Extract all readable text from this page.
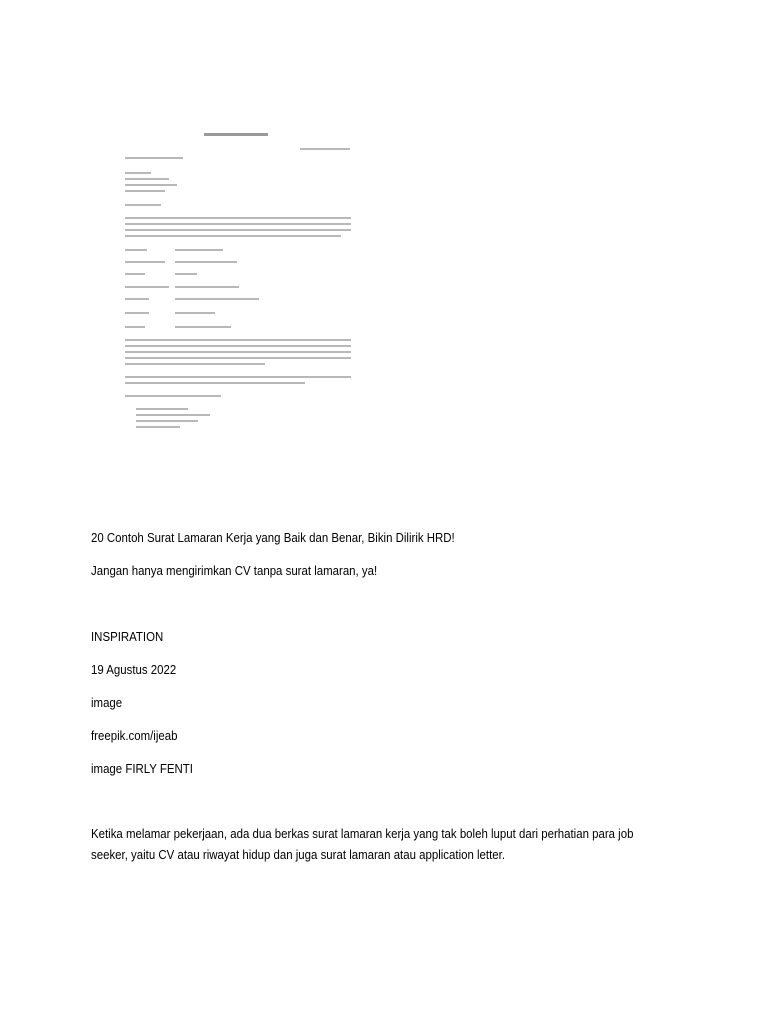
20 Contoh Surat Lamaran Kerja yang Baik dan Benar, Bikin Dilirik HRD!

Jangan hanya mengirimkan CV tanpa surat lamaran, ya!

INSPIRATION

19 Agustus 2022

image

freepik.com/ijeab

image FIRLY FENTI

Ketika melamar pekerjaan, ada dua berkas surat lamaran kerja yang tak boleh luput dari perhatian para job seeker, yaitu CV atau riwayat hidup dan juga surat lamaran atau application letter.
